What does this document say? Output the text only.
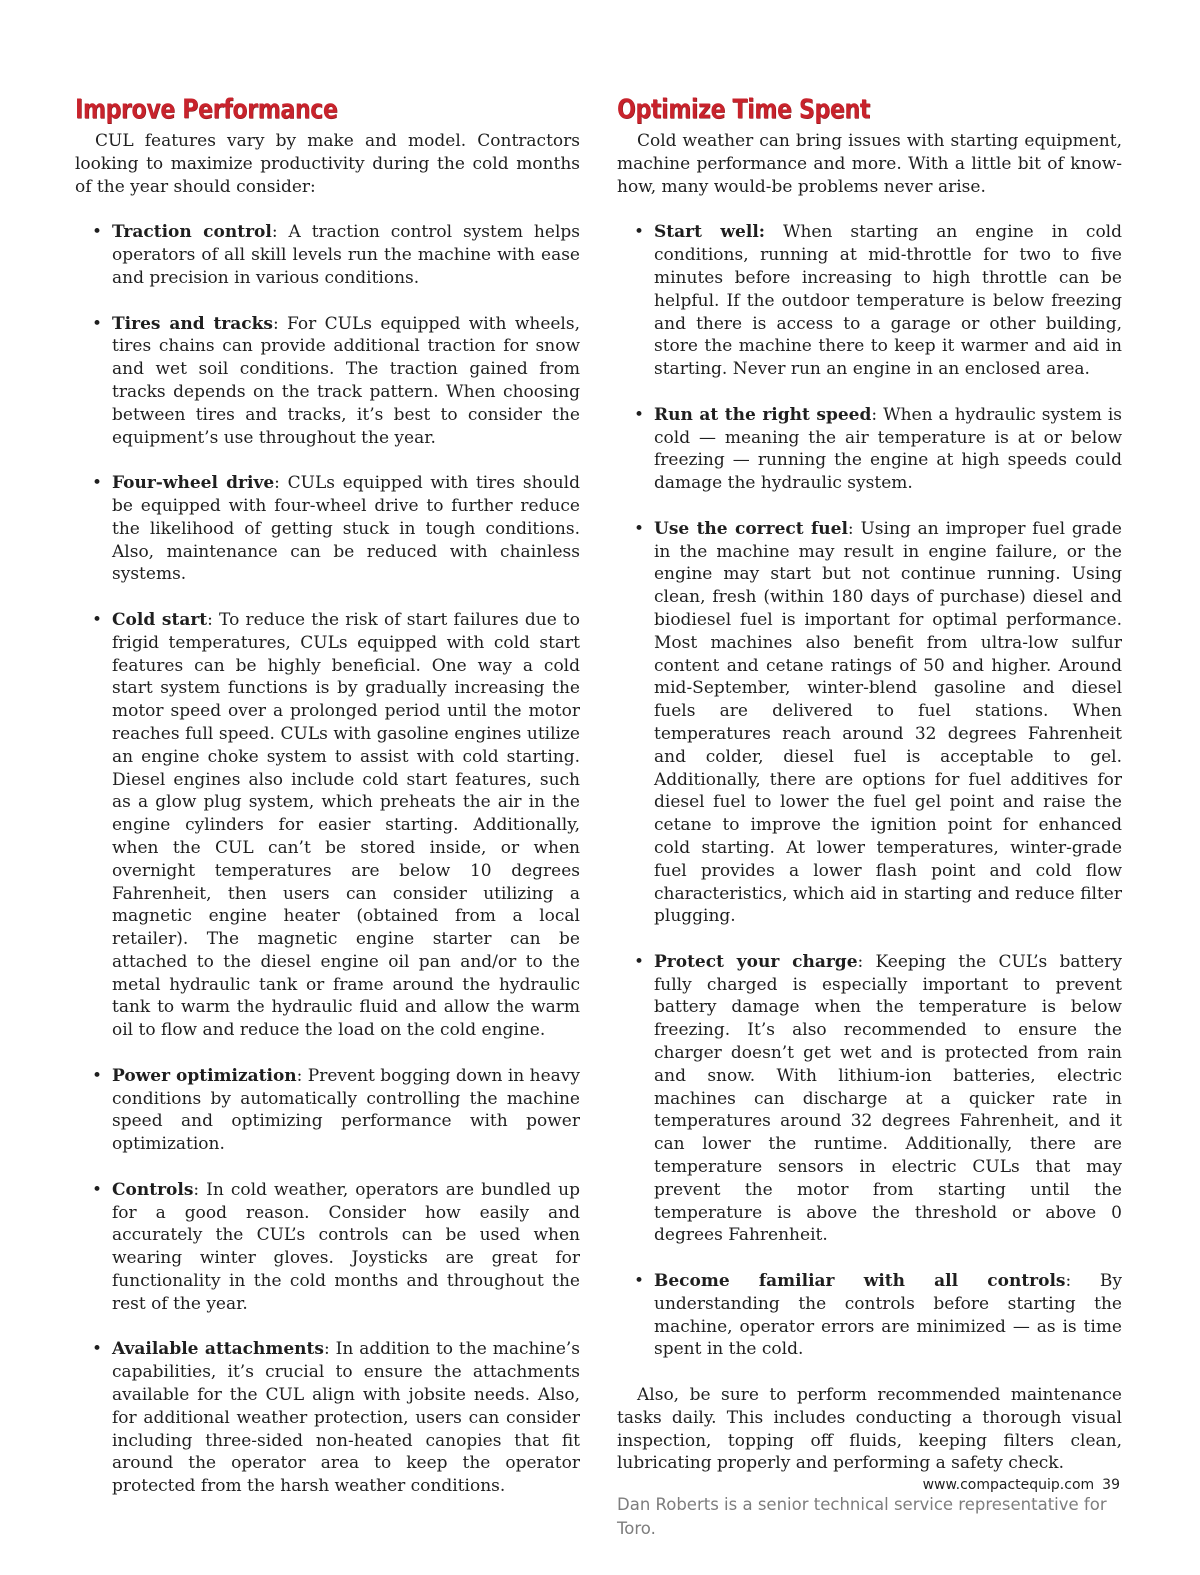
Improve Performance

CUL features vary by make and model. Contractors looking to maximize productivity during the cold months of the year should consider:

• Traction control: A traction control system helps operators of all skill levels run the machine with ease and precision in various conditions.
• Tires and tracks: For CULs equipped with wheels, tires chains can provide additional traction for snow and wet soil conditions. The traction gained from tracks depends on the track pattern. When choosing between tires and tracks, it’s best to consider the equipment’s use throughout the year.
• Four-wheel drive: CULs equipped with tires should be equipped with four-wheel drive to further reduce the likelihood of getting stuck in tough conditions. Also, maintenance can be reduced with chainless systems.
• Cold start: To reduce the risk of start failures due to frigid temperatures, CULs equipped with cold start features can be highly beneficial. One way a cold start system functions is by gradually increasing the motor speed over a prolonged period until the motor reaches full speed. CULs with gasoline engines utilize an engine choke system to assist with cold starting. Diesel engines also include cold start features, such as a glow plug system, which preheats the air in the engine cylinders for easier starting. Additionally, when the CUL can’t be stored inside, or when overnight temperatures are below 10 degrees Fahrenheit, then users can consider utilizing a magnetic engine heater (obtained from a local retailer). The magnetic engine starter can be attached to the diesel engine oil pan and/or to the metal hydraulic tank or frame around the hydraulic tank to warm the hydraulic fluid and allow the warm oil to flow and reduce the load on the cold engine.
• Power optimization: Prevent bogging down in heavy conditions by automatically controlling the machine speed and optimizing performance with power optimization.
• Controls: In cold weather, operators are bundled up for a good reason. Consider how easily and accurately the CUL’s controls can be used when wearing winter gloves. Joysticks are great for functionality in the cold months and throughout the rest of the year.
• Available attachments: In addition to the machine’s capabilities, it’s crucial to ensure the attachments available for the CUL align with jobsite needs. Also, for additional weather protection, users can consider including three-sided non-heated canopies that fit around the operator area to keep the operator protected from the harsh weather conditions.
Optimize Time Spent

Cold weather can bring issues with starting equipment, machine performance and more. With a little bit of know-how, many would-be problems never arise.

• Start well: When starting an engine in cold conditions, running at mid-throttle for two to five minutes before increasing to high throttle can be helpful. If the outdoor temperature is below freezing and there is access to a garage or other building, store the machine there to keep it warmer and aid in starting. Never run an engine in an enclosed area.
• Run at the right speed: When a hydraulic system is cold — meaning the air temperature is at or below freezing — running the engine at high speeds could damage the hydraulic system.
• Use the correct fuel: Using an improper fuel grade in the machine may result in engine failure, or the engine may start but not continue running. Using clean, fresh (within 180 days of purchase) diesel and biodiesel fuel is important for optimal performance. Most machines also benefit from ultra-low sulfur content and cetane ratings of 50 and higher. Around mid-September, winter-blend gasoline and diesel fuels are delivered to fuel stations. When temperatures reach around 32 degrees Fahrenheit and colder, diesel fuel is acceptable to gel. Additionally, there are options for fuel additives for diesel fuel to lower the fuel gel point and raise the cetane to improve the ignition point for enhanced cold starting. At lower temperatures, winter-grade fuel provides a lower flash point and cold flow characteristics, which aid in starting and reduce filter plugging.
• Protect your charge: Keeping the CUL’s battery fully charged is especially important to prevent battery damage when the temperature is below freezing. It’s also recommended to ensure the charger doesn’t get wet and is protected from rain and snow. With lithium-ion batteries, electric machines can discharge at a quicker rate in temperatures around 32 degrees Fahrenheit, and it can lower the runtime. Additionally, there are temperature sensors in electric CULs that may prevent the motor from starting until the temperature is above the threshold or above 0 degrees Fahrenheit.
• Become familiar with all controls: By understanding the controls before starting the machine, operator errors are minimized — as is time spent in the cold.

Also, be sure to perform recommended maintenance tasks daily. This includes conducting a thorough visual inspection, topping off fluids, keeping filters clean, lubricating properly and performing a safety check.

Dan Roberts is a senior technical service representative for Toro.

www.compactequip.com 39
